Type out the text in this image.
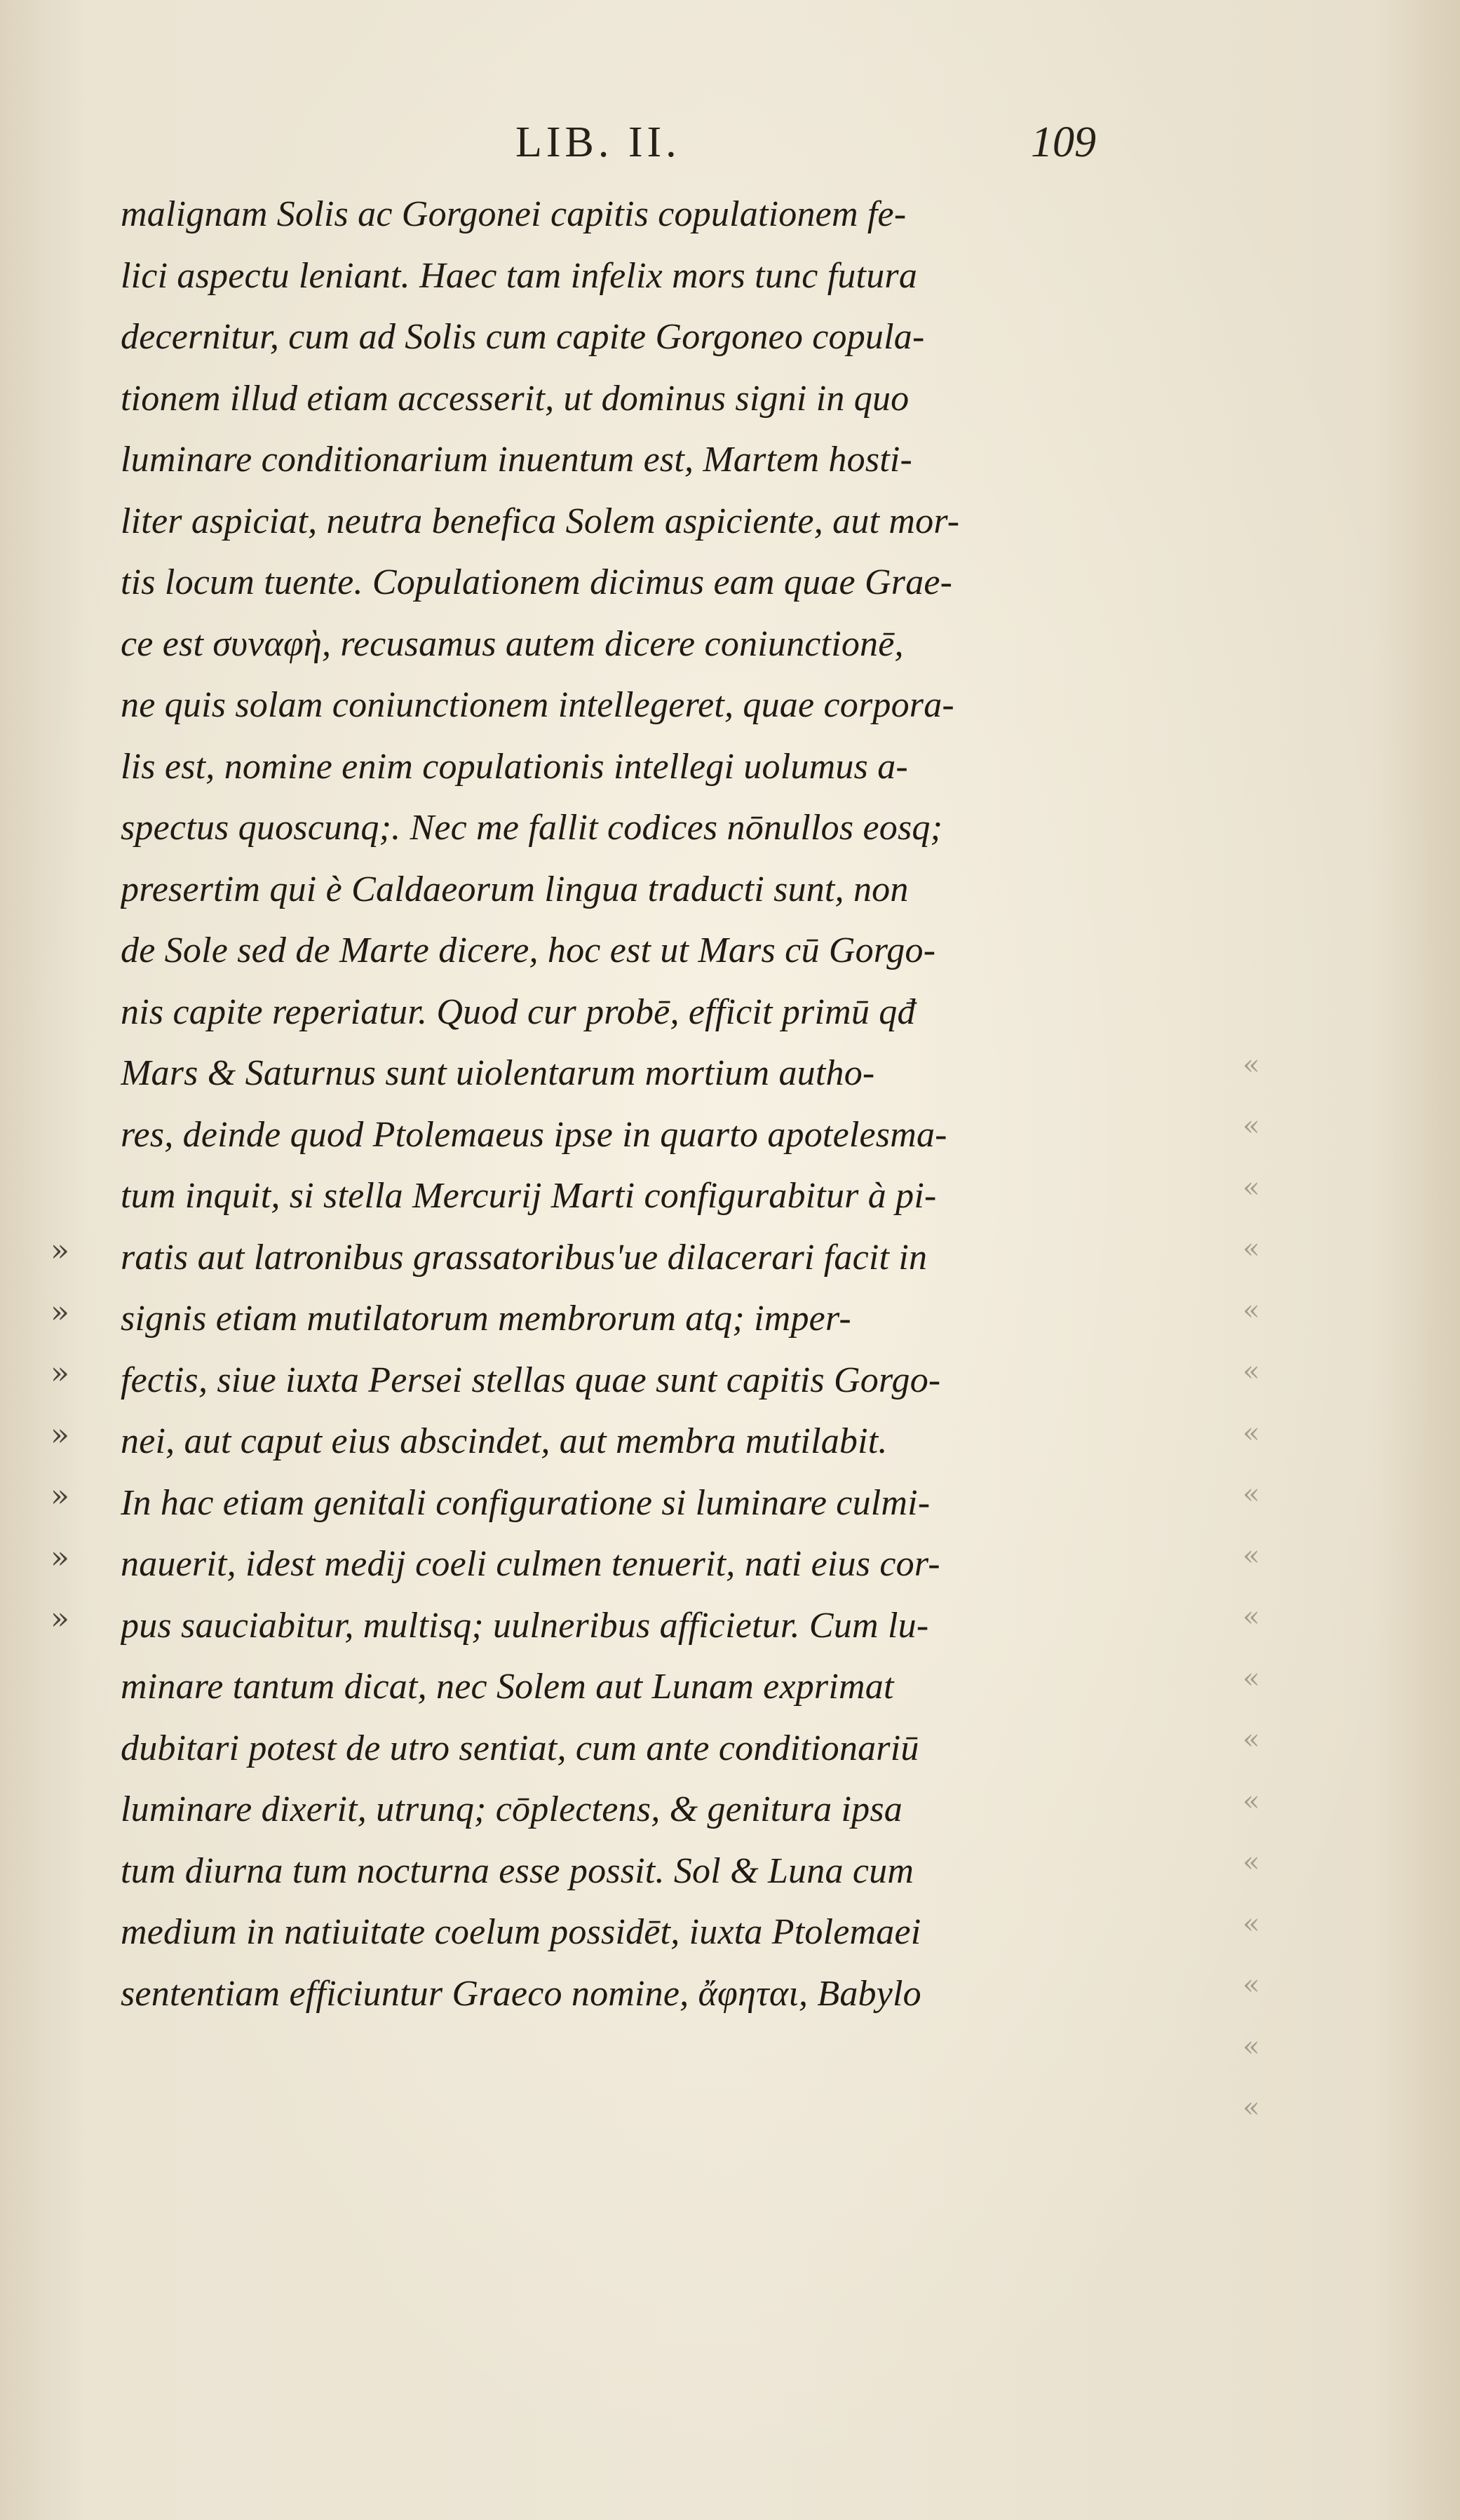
LIB. II.	109
malignam Solis ac Gorgonei capitis copulationem fe-
lici aspectu leniant. Haec tam infelix mors tunc futura
decernitur, cum ad Solis cum capite Gorgoneo copula-
tionem illud etiam accesserit, ut dominus signi in quo
luminare conditionarium inuentum est, Martem hosti-
liter aspiciat, neutra benefica Solem aspiciente, aut mor-
tis locum tuente. Copulationem dicimus eam quae Grae-
ce est συναφὴ, recusamus autem dicere coniunctionē,
ne quis solam coniunctionem intellegeret, quae corpora-
lis est, nomine enim copulationis intellegi uolumus a-
spectus quoscunq;. Nec me fallit codices nōnullos eosq;
presertim qui è Caldaeorum lingua traducti sunt, non
de Sole sed de Marte dicere, hoc est ut Mars cū Gorgo-
nis capite reperiatur. Quod cur probē, efficit primū qđ
Mars & Saturnus sunt uiolentarum mortium autho-
res, deinde quod Ptolemaeus ipse in quarto apotelesma-
tum inquit, si stella Mercurij Marti configurabitur à pi-
ratis aut latronibus grassatoribus'ue dilacerari facit in
signis etiam mutilatorum membrorum atq; imper-
fectis, siue iuxta Persei stellas quae sunt capitis Gorgo-
nei, aut caput eius abscindet, aut membra mutilabit.
In hac etiam genitali configuratione si luminare culmi-
nauerit, idest medij coeli culmen tenuerit, nati eius cor-
pus sauciabitur, multisq; uulneribus afficietur. Cum lu-
minare tantum dicat, nec Solem aut Lunam exprimat
dubitari potest de utro sentiat, cum ante conditionariū
luminare dixerit, utrunq; cōplectens, & genitura ipsa
tum diurna tum nocturna esse possit. Sol & Luna cum
medium in natiuitate coelum possidēt, iuxta Ptolemaei
sententiam efficiuntur Graeco nomine, ἄφηται, Babylo
»
»
»
»
»
»
»
«
«
«
«
«
«
«
«
«
«
«
«
«
«
«
«
«
«
